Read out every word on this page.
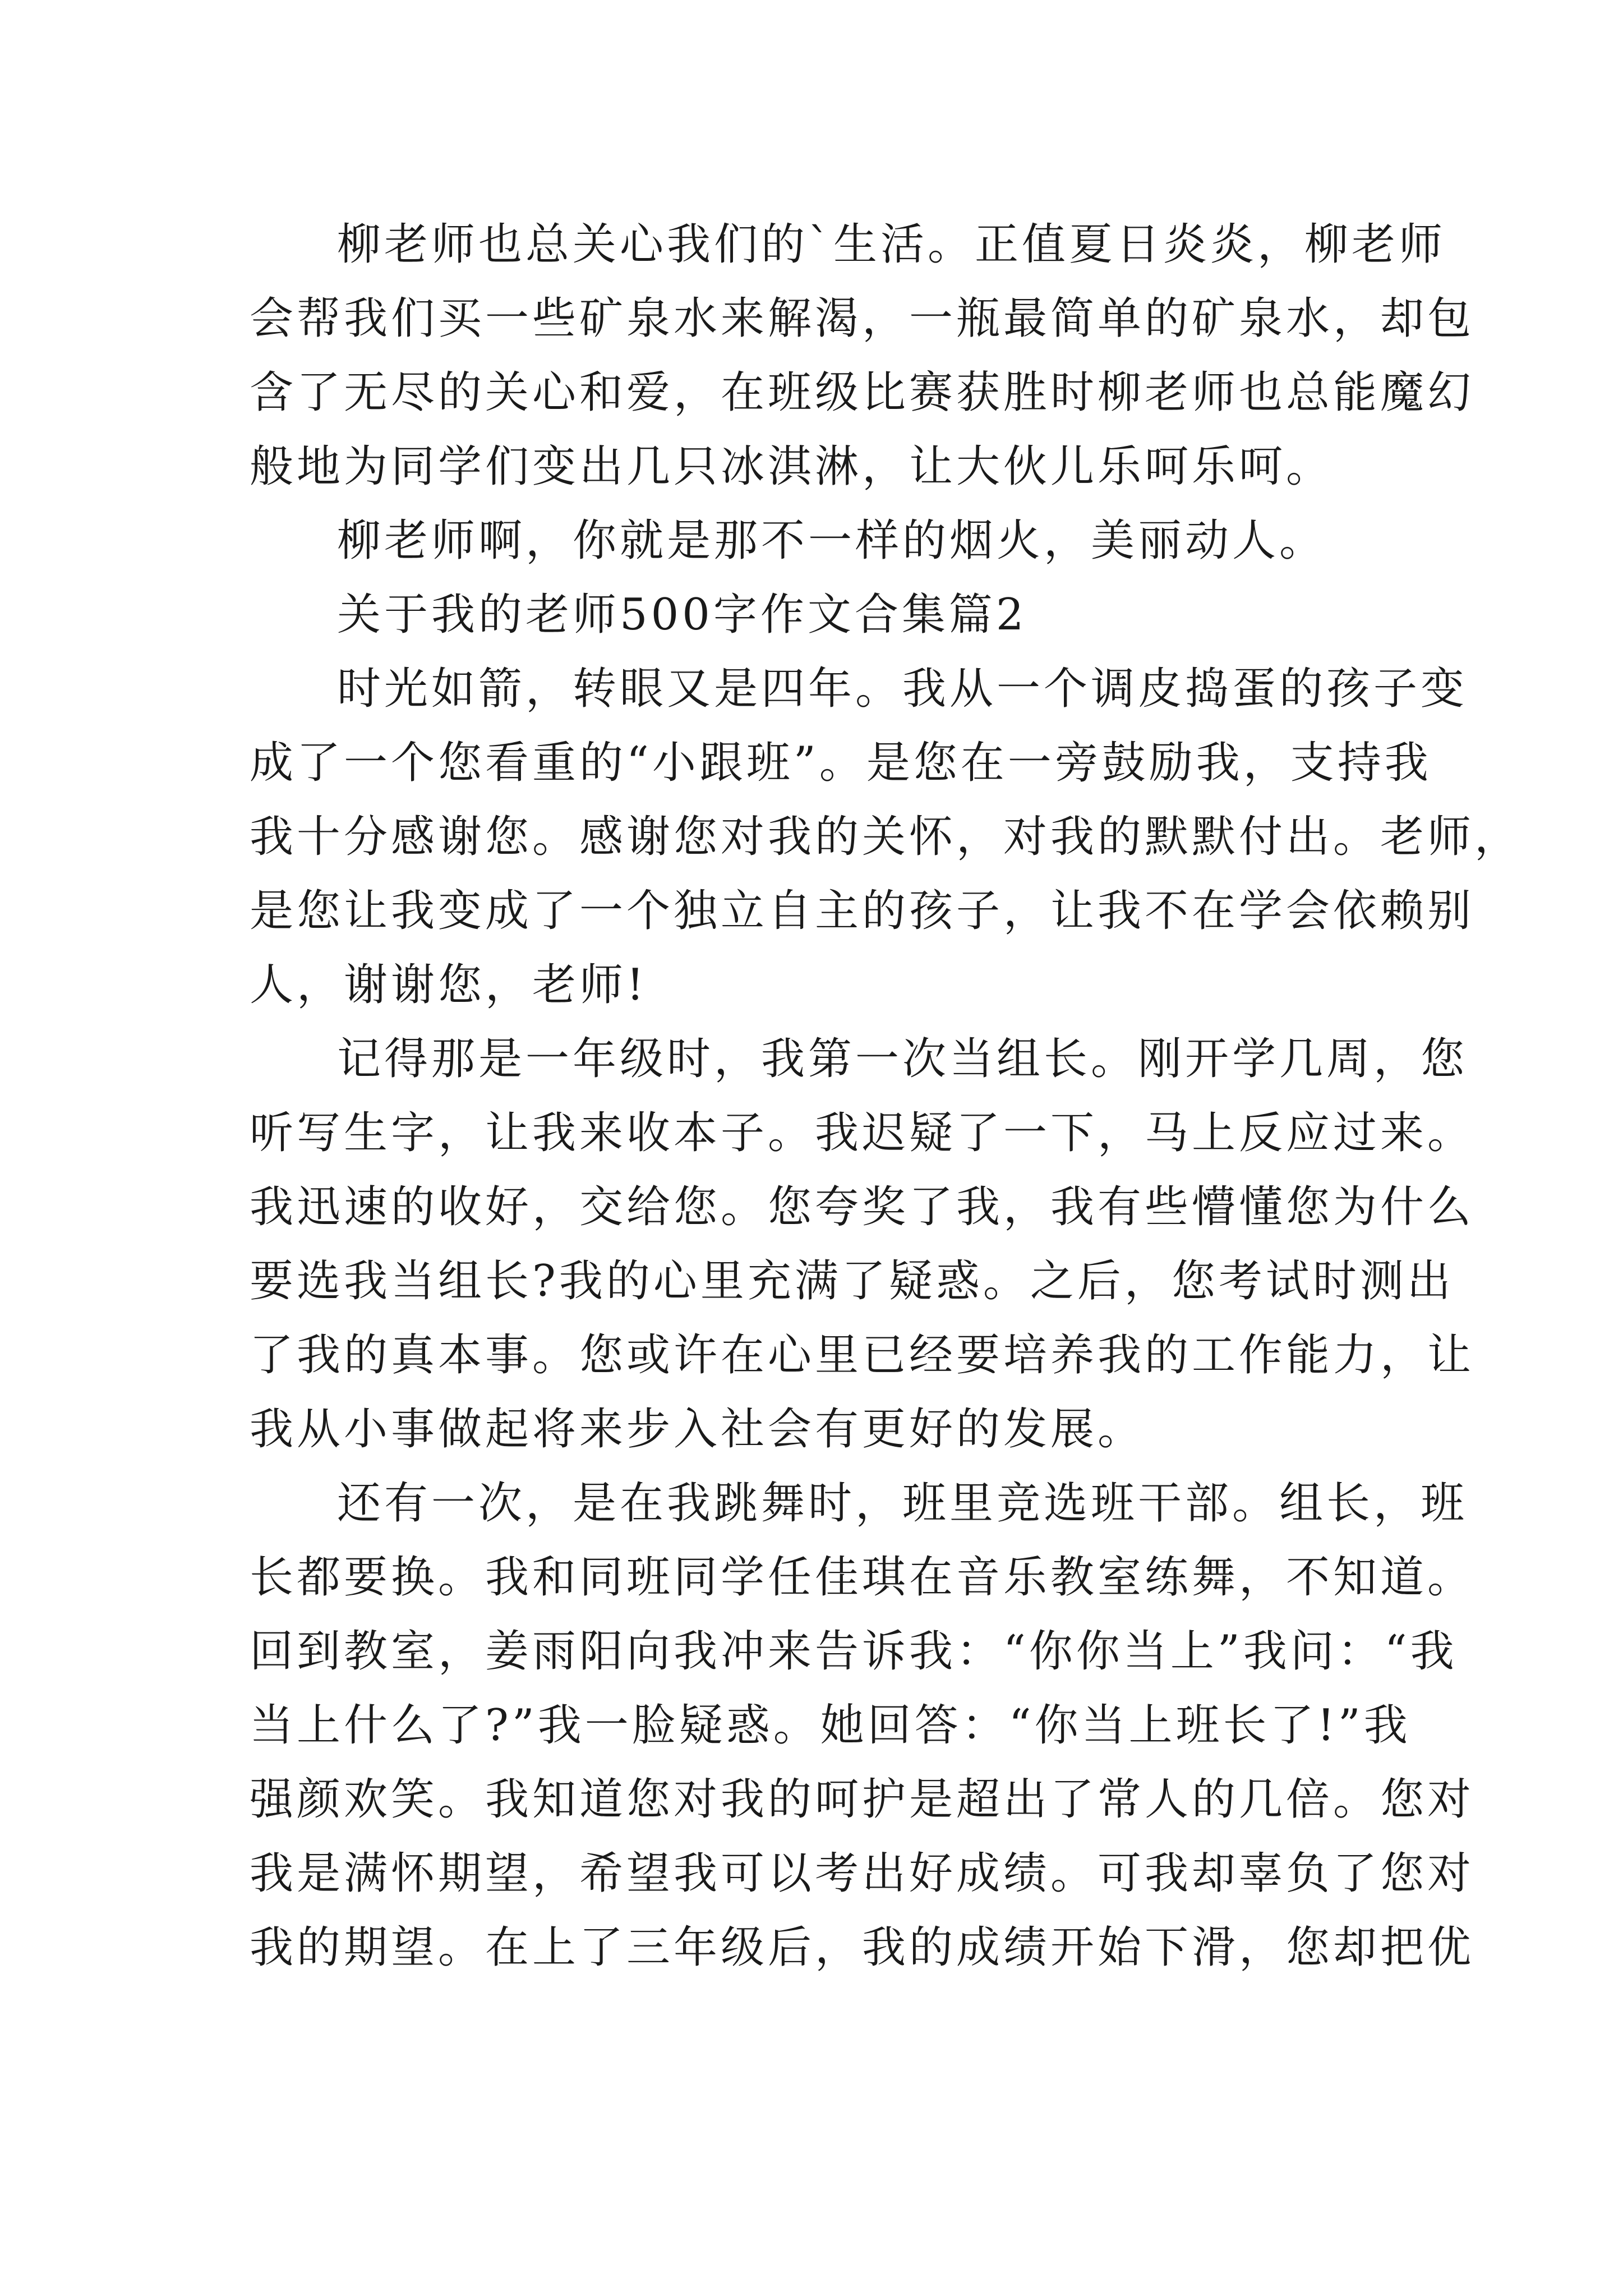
柳老师也总关心我们的`生活。正值夏日炎炎，柳老师
会帮我们买一些矿泉水来解渴，一瓶最简单的矿泉水，却包
含了无尽的关心和爱，在班级比赛获胜时柳老师也总能魔幻
般地为同学们变出几只冰淇淋，让大伙儿乐呵乐呵。
柳老师啊，你就是那不一样的烟火，美丽动人。
关于我的老师500字作文合集篇2
时光如箭，转眼又是四年。我从一个调皮捣蛋的孩子变
成了一个您看重的“小跟班”。是您在一旁鼓励我，支持我
我十分感谢您。感谢您对我的关怀，对我的默默付出。老师，
是您让我变成了一个独立自主的孩子，让我不在学会依赖别
人，谢谢您，老师!
记得那是一年级时，我第一次当组长。刚开学几周，您
听写生字，让我来收本子。我迟疑了一下，马上反应过来。
我迅速的收好，交给您。您夸奖了我，我有些懵懂您为什么
要选我当组长?我的心里充满了疑惑。之后，您考试时测出
了我的真本事。您或许在心里已经要培养我的工作能力，让
我从小事做起将来步入社会有更好的发展。
还有一次，是在我跳舞时，班里竞选班干部。组长，班
长都要换。我和同班同学任佳琪在音乐教室练舞，不知道。
回到教室，姜雨阳向我冲来告诉我：“你你当上”我问：“我
当上什么了?”我一脸疑惑。她回答：“你当上班长了!”我
强颜欢笑。我知道您对我的呵护是超出了常人的几倍。您对
我是满怀期望，希望我可以考出好成绩。可我却辜负了您对
我的期望。在上了三年级后，我的成绩开始下滑，您却把优
